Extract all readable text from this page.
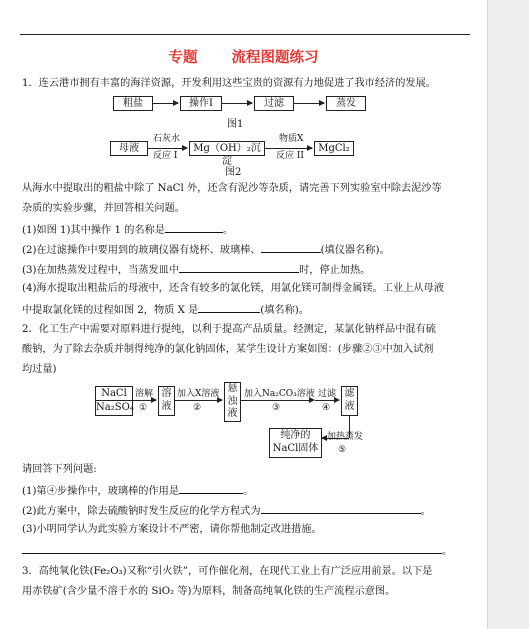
专题 流程图题练习
1．连云港市拥有丰富的海洋资源，开发利用这些宝贵的资源有力地促进了我市经济的发展。
粗盐	操作I	过滤	蒸发
图1
母液
石灰水
反应 I
Mg（OH）₂沉淀
物质X
反应 II
MgCl₂
图2
从海水中提取出的粗盐中除了 NaCl 外，还含有泥沙等杂质，请完善下列实验室中除去泥沙等
杂质的实验步骤，并回答相关问题。
(1)如图 1)其中操作 1 的名称是	。
(2)在过滤操作中要用到的玻璃仪器有烧杯、玻璃棒、	(填仪器名称)。
(3)在加热蒸发过程中，当蒸发皿中	时，停止加热。
(4)海水提取出粗盐后的母液中，还含有较多的氯化镁，用氯化镁可制得金属镁。工业上从母液
中提取氯化镁的过程如图 2，物质 X 是	(填名称)。
2．化工生产中需要对原料进行提纯，以利于提高产品质量。经测定，某氯化钠样品中混有硫
酸钠，为了除去杂质并制得纯净的氯化钠固体，某学生设计方案如图：(步骤②③中加入试剂
均过量)
NaCl
Na₂SO₄
溶解
①
溶液
加入X溶液
②
悬浊液
加入Na₂CO₃溶液
③
过滤
④
滤液
加热蒸发
⑤
纯净的
NaCl固体
请回答下列问题:
(1)第④步操作中，玻璃棒的作用是	。
(2)此方案中，除去硫酸钠时发生反应的化学方程式为	。
(3)小明同学认为此实验方案设计不严密，请你帮他制定改进措施。
。
3．高纯氧化铁(Fe₂O₃)又称“引火铁”，可作催化剂，在现代工业上有广泛应用前景。以下是
用赤铁矿(含少量不溶于水的 SiO₂ 等)为原料，制备高纯氧化铁的生产流程示意图。
